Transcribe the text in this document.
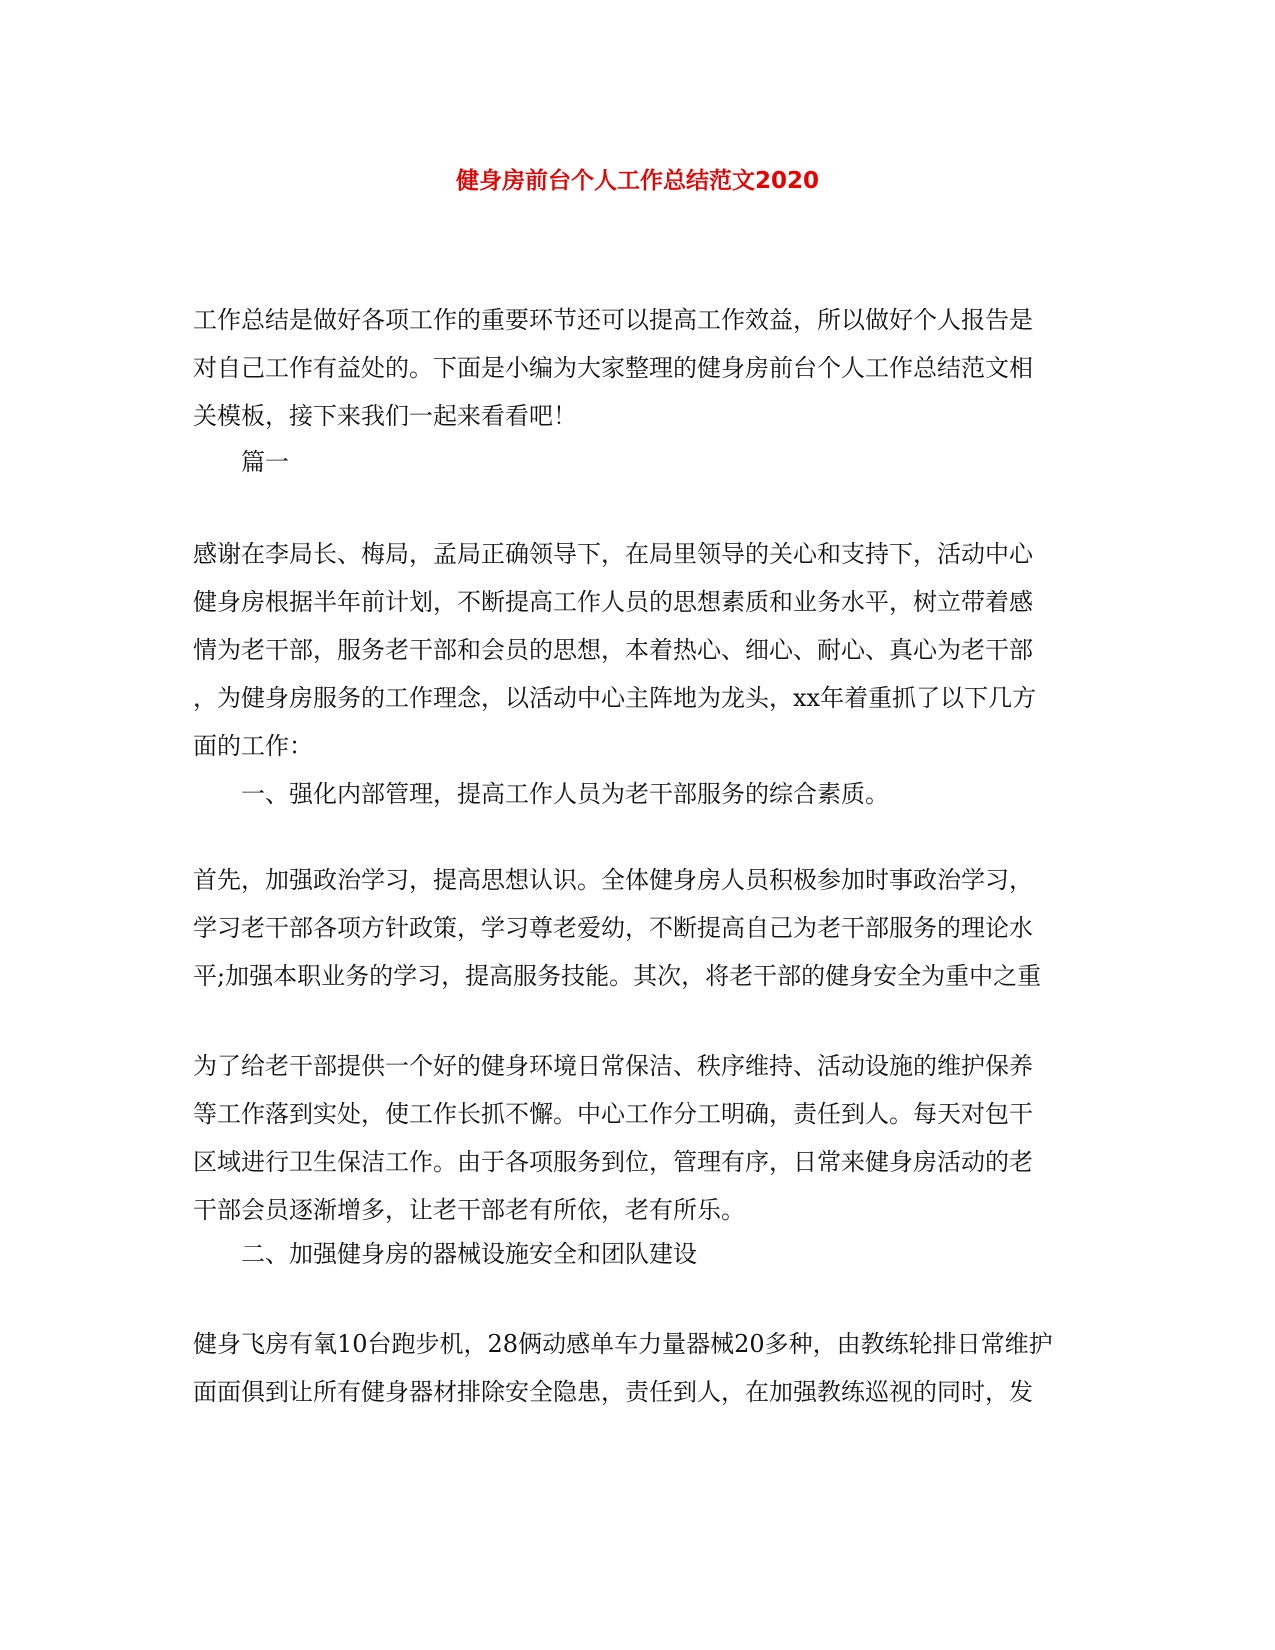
健身房前台个人工作总结范文2020

工作总结是做好各项工作的重要环节还可以提高工作效益，所以做好个人报告是
对自己工作有益处的。下面是小编为大家整理的健身房前台个人工作总结范文相
关模板，接下来我们一起来看看吧！

篇一

感谢在李局长、梅局，孟局正确领导下，在局里领导的关心和支持下，活动中心
健身房根据半年前计划，不断提高工作人员的思想素质和业务水平，树立带着感
情为老干部，服务老干部和会员的思想，本着热心、细心、耐心、真心为老干部
，为健身房服务的工作理念，以活动中心主阵地为龙头，xx年着重抓了以下几方
面的工作：

一、强化内部管理，提高工作人员为老干部服务的综合素质。

首先，加强政治学习，提高思想认识。全体健身房人员积极参加时事政治学习，
学习老干部各项方针政策，学习尊老爱幼，不断提高自己为老干部服务的理论水
平;加强本职业务的学习，提高服务技能。其次，将老干部的健身安全为重中之重

为了给老干部提供一个好的健身环境日常保洁、秩序维持、活动设施的维护保养
等工作落到实处，使工作长抓不懈。中心工作分工明确，责任到人。每天对包干
区域进行卫生保洁工作。由于各项服务到位，管理有序，日常来健身房活动的老
干部会员逐渐增多，让老干部老有所依，老有所乐。

二、加强健身房的器械设施安全和团队建设

健身飞房有氧10台跑步机，28俩动感单车力量器械20多种，由教练轮排日常维护
面面俱到让所有健身器材排除安全隐患，责任到人，在加强教练巡视的同时，发
